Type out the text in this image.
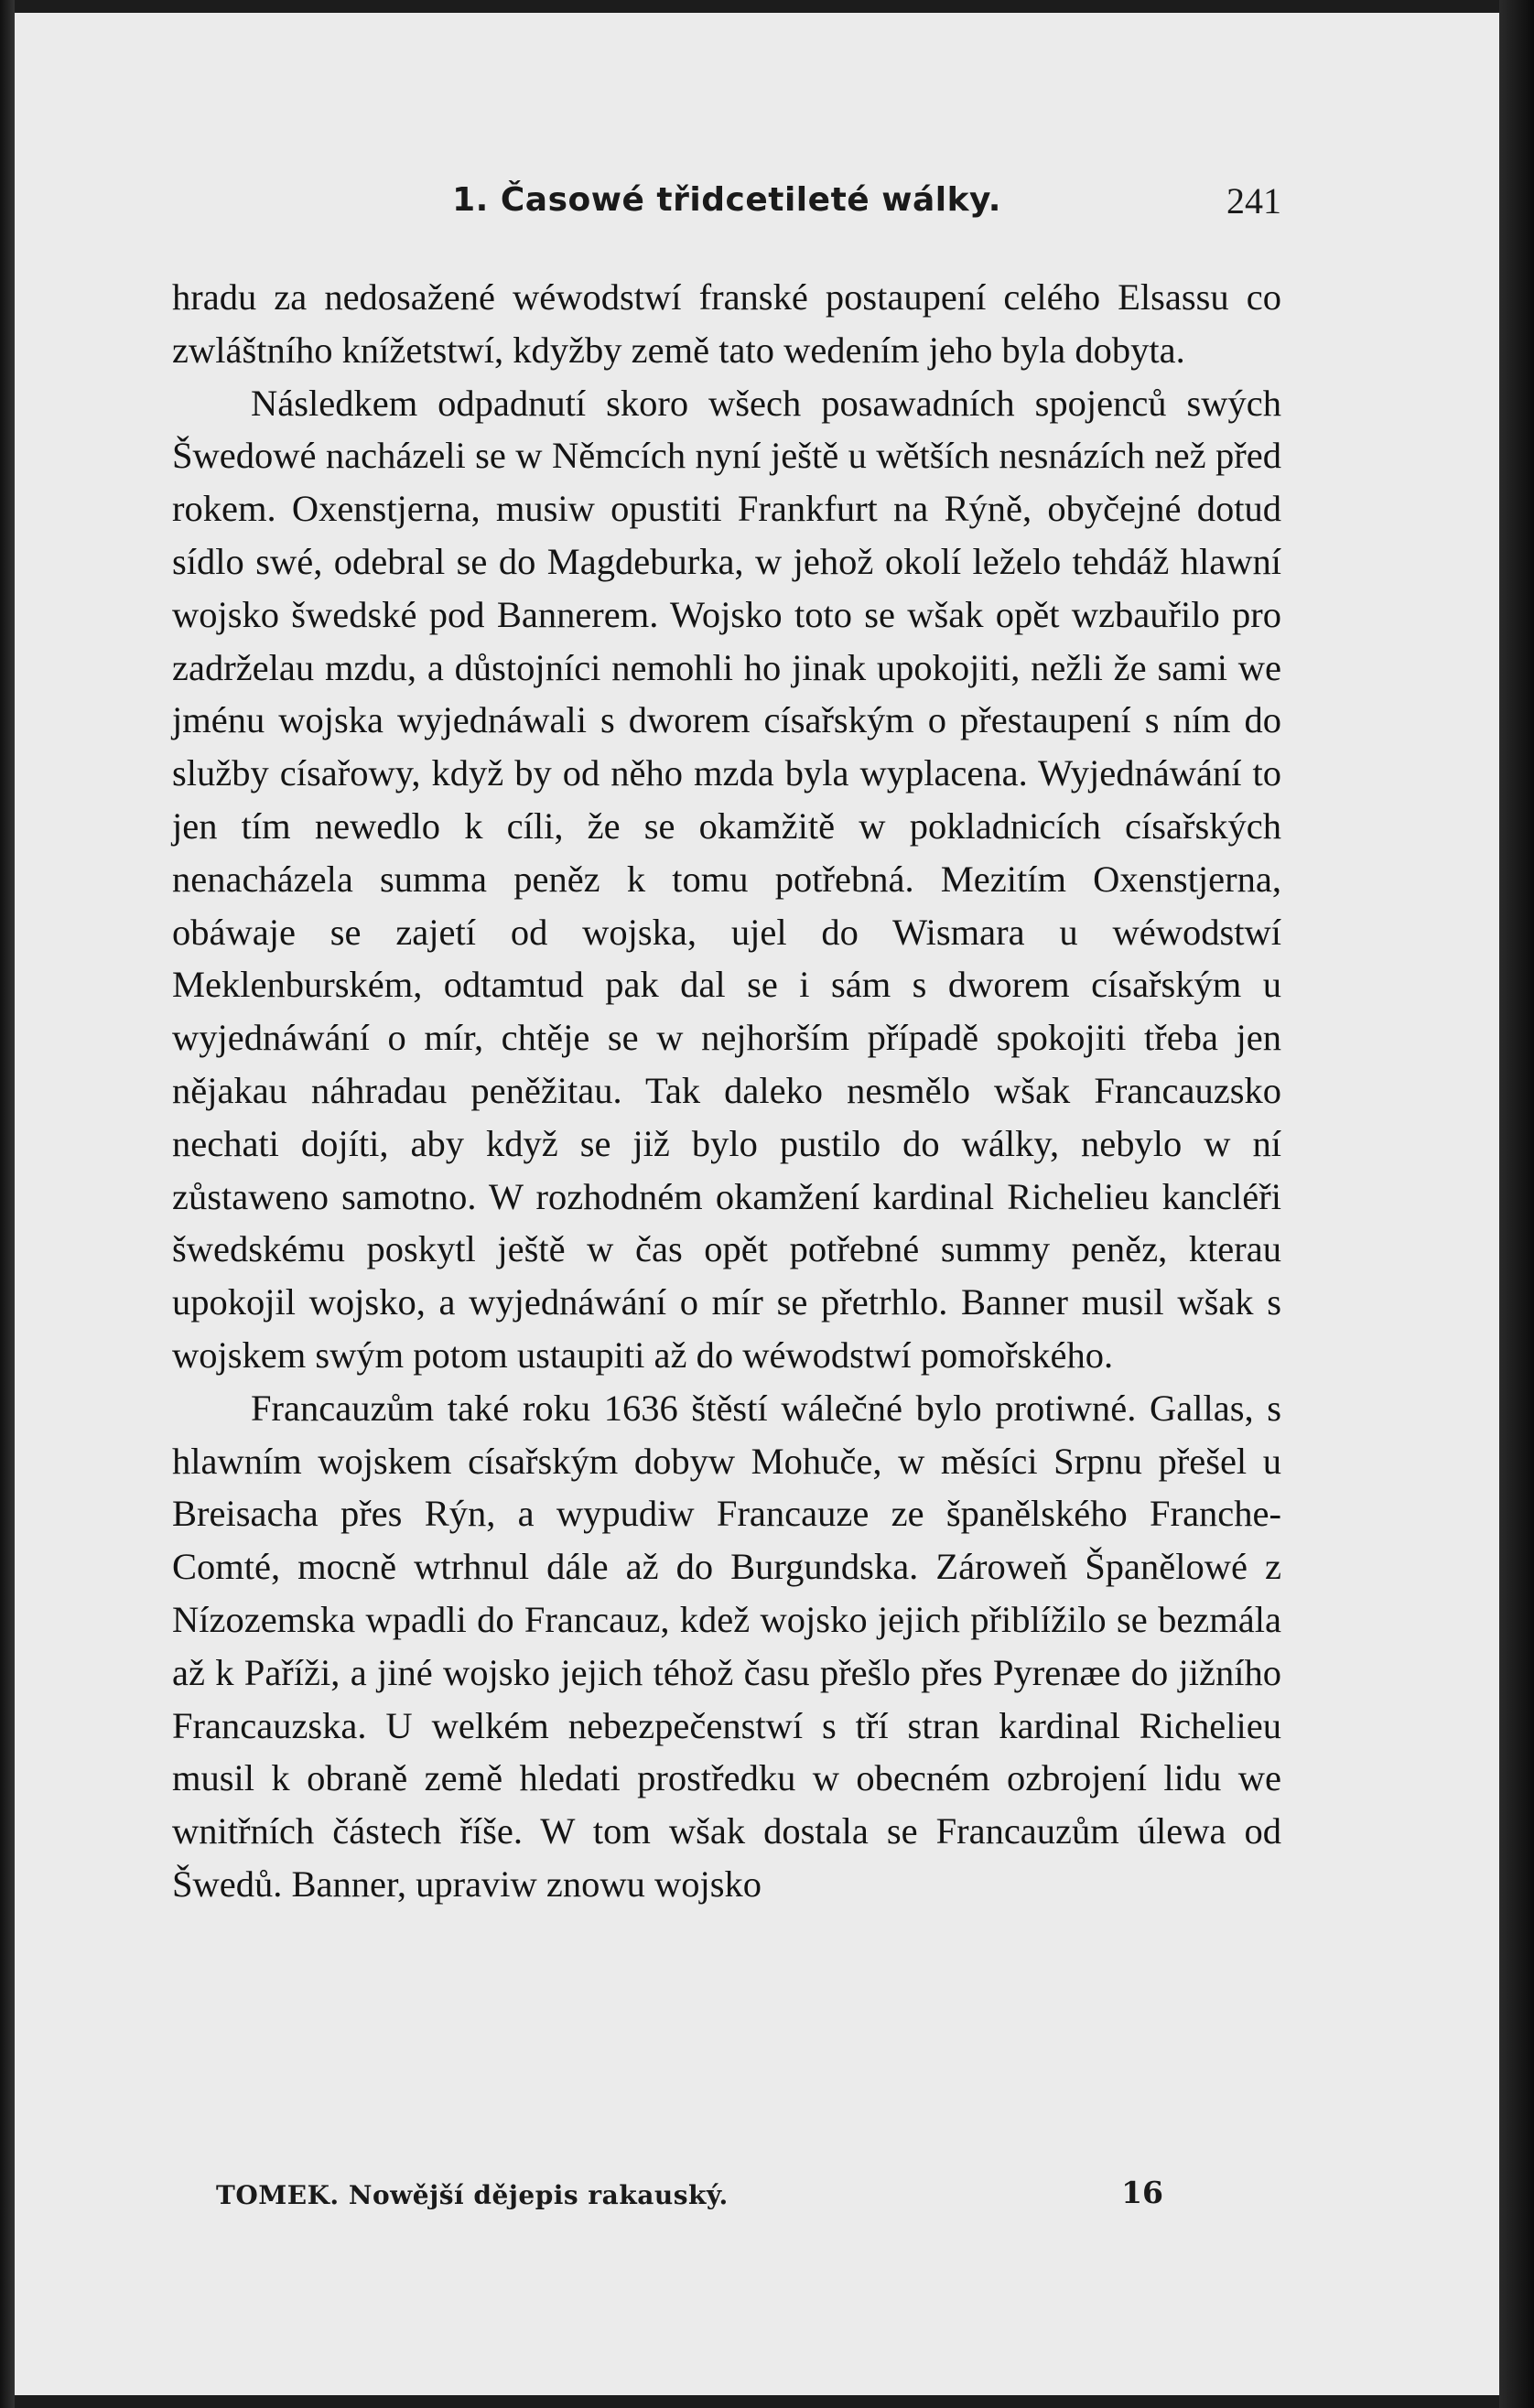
1. Časowé třidcetileté wálky.	241

hradu za nedosažené wéwodstwí franské postaupení celého Elsassu co zwláštního knížetstwí, kdyžby země tato wedením jeho byla dobyta.

Následkem odpadnutí skoro wšech posawadních spojenců swých Šwedowé nacházeli se w Němcích nyní ještě u wětších nesnázích než před rokem. Oxenstjerna, musiw opustiti Frankfurt na Rýně, obyčejné dotud sídlo swé, odebral se do Magdeburka, w jehož okolí leželo tehdáž hlawní wojsko šwedské pod Bannerem. Wojsko toto se wšak opět wzbauřilo pro zadrželau mzdu, a důstojníci nemohli ho jinak upokojiti, nežli že sami we jménu wojska wyjednáwali s dworem císařským o přestaupení s ním do služby císařowy, když by od něho mzda byla wyplacena. Wyjednáwání to jen tím newedlo k cíli, že se okamžitě w pokladnicích císařských nenacházela summa peněz k tomu potřebná. Mezitím Oxenstjerna, obáwaje se zajetí od wojska, ujel do Wismara u wéwodstwí Meklenburském, odtamtud pak dal se i sám s dworem císařským u wyjednáwání o mír, chtěje se w nejhorším případě spokojiti třeba jen nějakau náhradau peněžitau. Tak daleko nesmělo wšak Francauzsko nechati dojíti, aby když se již bylo pustilo do wálky, nebylo w ní zůstaweno samotno. W rozhodném okamžení kardinal Richelieu kancléři šwedskému poskytl ještě w čas opět potřebné summy peněz, kterau upokojil wojsko, a wyjednáwání o mír se přetrhlo. Banner musil wšak s wojskem swým potom ustaupiti až do wéwodstwí pomořského.

Francauzům také roku 1636 štěstí wálečné bylo protiwné. Gallas, s hlawním wojskem císařským dobyw Mohuče, w měsíci Srpnu přešel u Breisacha přes Rýn, a wypudiw Francauze ze španělského Franche-Comté, mocně wtrhnul dále až do Burgundska. Zároweň Španělowé z Nízozemska wpadli do Francauz, kdež wojsko jejich přiblížilo se bezmála až k Paříži, a jiné wojsko jejich téhož času přešlo přes Pyrenæe do jižního Francauzska. U welkém nebezpečenstwí s tří stran kardinal Richelieu musil k obraně země hledati prostředku w obecném ozbrojení lidu we wnitřních částech říše. W tom wšak dostala se Francauzům úlewa od Šwedů. Banner, upraviw znowu wojsko

TOMEK. Nowější dějepis rakauský.	16
